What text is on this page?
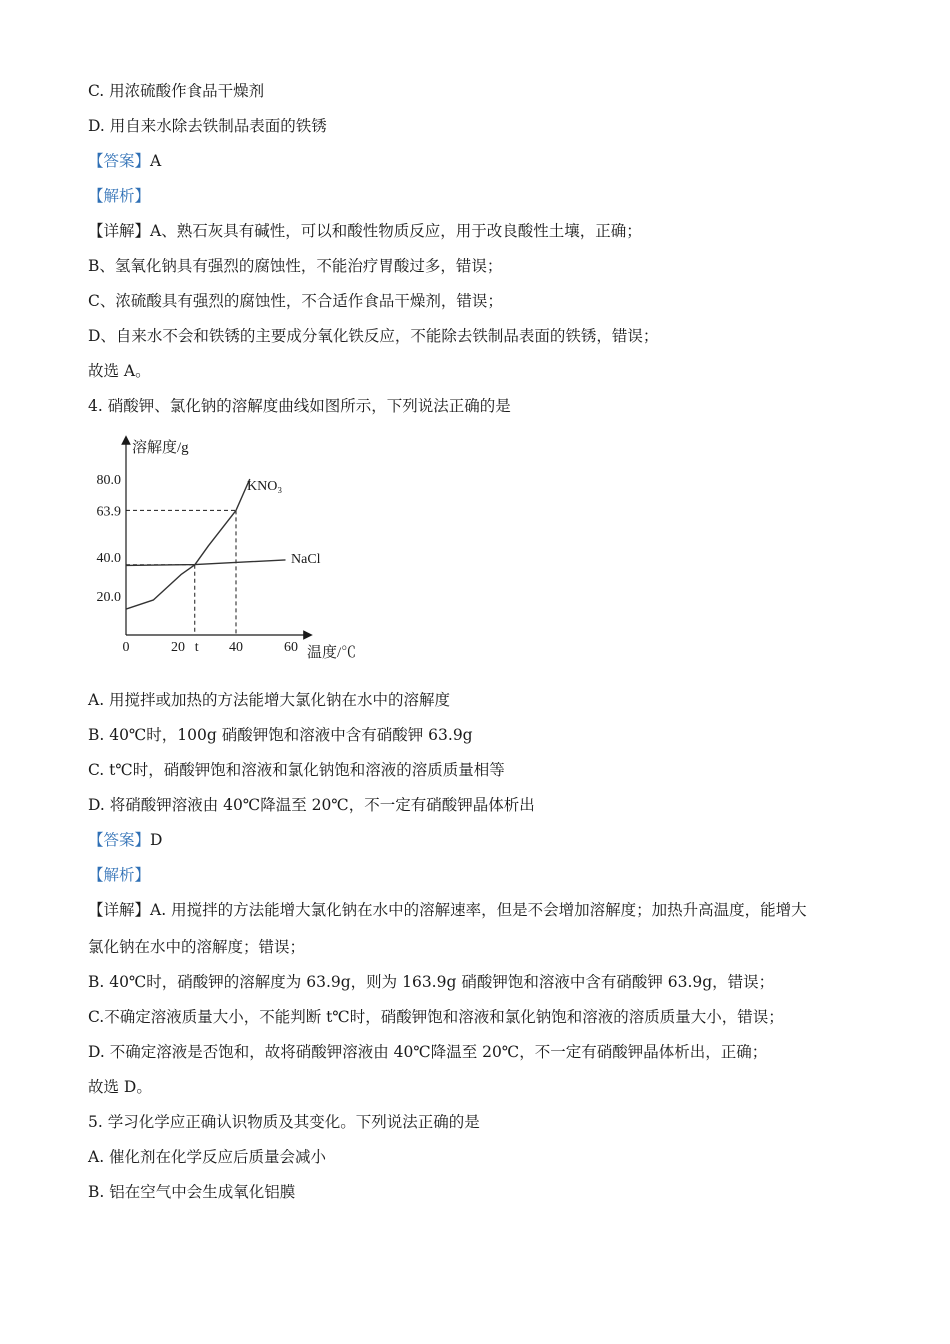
C. 用浓硫酸作食品干燥剂
D. 用自来水除去铁制品表面的铁锈
【答案】A
【解析】
【详解】A、熟石灰具有碱性，可以和酸性物质反应，用于改良酸性土壤，正确；
B、氢氧化钠具有强烈的腐蚀性，不能治疗胃酸过多，错误；
C、浓硫酸具有强烈的腐蚀性，不合适作食品干燥剂，错误；
D、自来水不会和铁锈的主要成分氧化铁反应，不能除去铁制品表面的铁锈，错误；
故选 A。
4. 硝酸钾、氯化钠的溶解度曲线如图所示，下列说法正确的是
20.0
40.0
63.9
80.0
0	20 t 40	60
溶解度/g
温度/℃
KNO₃
NaCl
A. 用搅拌或加热的方法能增大氯化钠在水中的溶解度
B. 40℃时，100g 硝酸钾饱和溶液中含有硝酸钾 63.9g
C. t℃时，硝酸钾饱和溶液和氯化钠饱和溶液的溶质质量相等
D. 将硝酸钾溶液由 40℃降温至 20℃，不一定有硝酸钾晶体析出
【答案】D
【解析】
【详解】A. 用搅拌的方法能增大氯化钠在水中的溶解速率，但是不会增加溶解度；加热升高温度，能增大
氯化钠在水中的溶解度；错误；
B. 40℃时，硝酸钾的溶解度为 63.9g，则为 163.9g 硝酸钾饱和溶液中含有硝酸钾 63.9g，错误；
C.不确定溶液质量大小，不能判断 t℃时，硝酸钾饱和溶液和氯化钠饱和溶液的溶质质量大小，错误；
D. 不确定溶液是否饱和，故将硝酸钾溶液由 40℃降温至 20℃，不一定有硝酸钾晶体析出，正确；
故选 D。
5. 学习化学应正确认识物质及其变化。下列说法正确的是
A. 催化剂在化学反应后质量会减小
B. 铝在空气中会生成氧化铝膜
